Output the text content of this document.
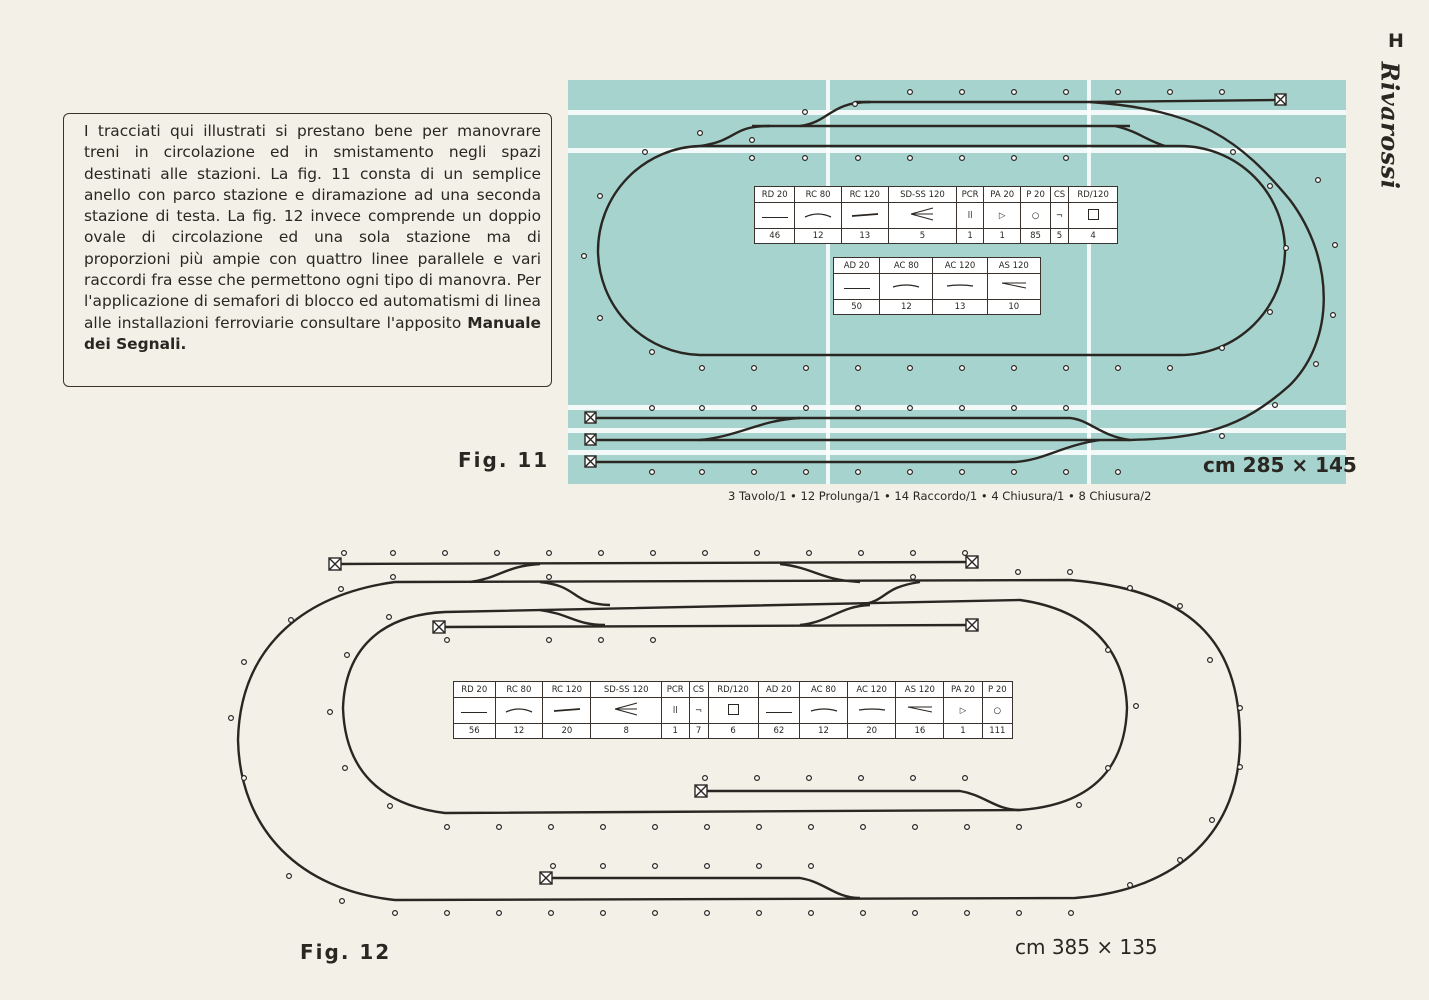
H
Rivarossi
I tracciati qui illustrati si prestano bene per manovrare treni in circolazione ed in smistamento negli spazi destinati alle stazioni. La fig. 11 consta di un semplice anello con parco stazione e diramazione ad una seconda stazione di testa. La fig. 12 invece comprende un doppio ovale di circolazione ed una sola stazione ma di proporzioni più ampie con quattro linee parallele e vari raccordi fra esse che permettono ogni tipo di manovra. Per l'applicazione di semafori di blocco ed automatismi di linea alle installazioni ferroviarie consultare l'apposito Manuale dei Segnali.
RD 20	RC 80	RC 120	SD-SS 120	PCR	PA 20	P 20	CS	RD/120
				ll	▷	○	¬	
46	12	13	5	1	1	85	5	4
AD 20	AC 80	AC 120	AS 120

50	12	13	10
RD 20	RC 80	RC 120	SD-SS 120	PCR	CS	RD/120	AD 20	AC 80	AC 120	AS 120	PA 20	P 20
				ll	¬						▷	○
56	12	20	8	1	7	6	62	12	20	16	1	111
Fig. 11	cm 285 × 145
3 Tavolo/1 • 12 Prolunga/1 • 14 Raccordo/1 • 4 Chiusura/1 • 8 Chiusura/2
Fig. 12	cm 385 × 135
